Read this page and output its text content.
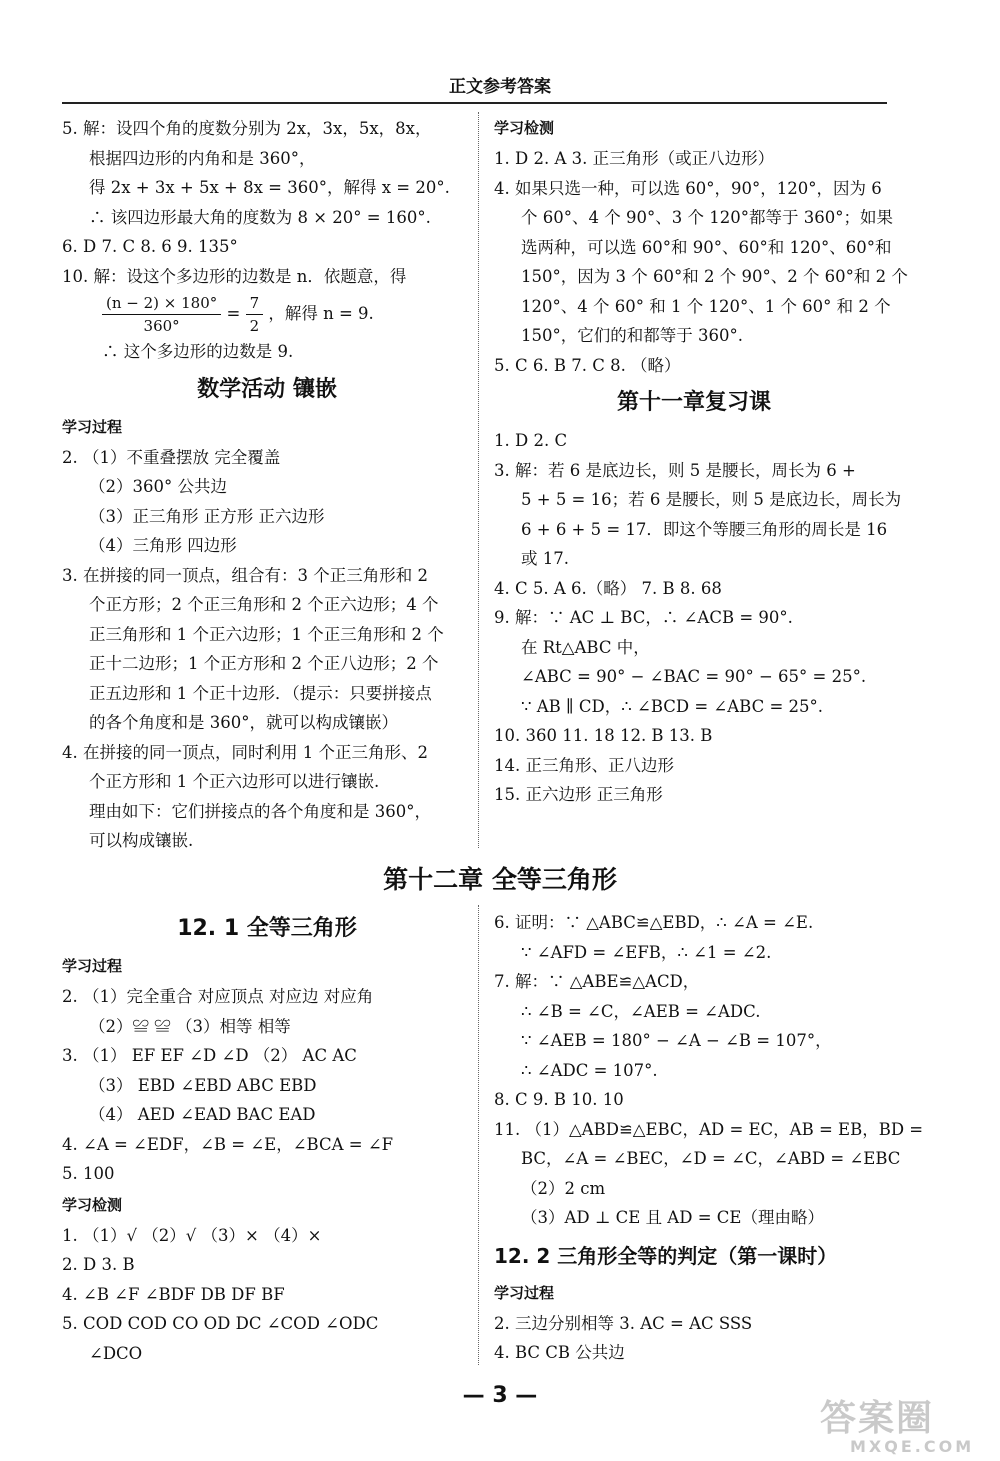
正文参考答案

5. 解：设四个角的度数分别为 2x，3x，5x，8x，

根据四边形的内角和是 360°，

得 2x + 3x + 5x + 8x = 360°，解得 x = 20°.

∴ 该四边形最大角的度数为 8 × 20° = 160°.

6. D 7. C 8. 6 9. 135°

10. 解：设这个多边形的边数是 n．依题意，得

$\frac{(n - 2) \times 180^\circ}{360^\circ} = \frac{7}{2}$ ，解得 n = 9.

∴ 这个多边形的边数是 9.

数学活动 镶嵌
学习过程

2. （1）不重叠摆放 完全覆盖

（2）360° 公共边

（3）正三角形 正方形 正六边形

（4）三角形 四边形

3. 在拼接的同一顶点，组合有：3 个正三角形和 2

个正方形；2 个正三角形和 2 个正六边形；4 个

正三角形和 1 个正六边形；1 个正三角形和 2 个

正十二边形；1 个正方形和 2 个正八边形；2 个

正五边形和 1 个正十边形．（提示：只要拼接点

的各个角度和是 360°，就可以构成镶嵌）

4. 在拼接的同一顶点，同时利用 1 个正三角形、2

个正方形和 1 个正六边形可以进行镶嵌.

理由如下：它们拼接点的各个角度和是 360°，

可以构成镶嵌.

学习检测

1. D 2. A 3. 正三角形（或正八边形）

4. 如果只选一种，可以选 60°，90°，120°，因为 6

个 60°、4 个 90°、3 个 120°都等于 360°；如果

选两种，可以选 60°和 90°、60°和 120°、60°和

150°，因为 3 个 60°和 2 个 90°、2 个 60°和 2 个

120°、4 个 60° 和 1 个 120°、1 个 60° 和 2 个

150°，它们的和都等于 360°.

5. C 6. B 7. C 8. （略）

第十一章复习课

1. D 2. C

3. 解：若 6 是底边长，则 5 是腰长，周长为 6 +

5 + 5 = 16；若 6 是腰长，则 5 是底边长，周长为

6 + 6 + 5 = 17．即这个等腰三角形的周长是 16

或 17.

4. C 5. A 6.（略） 7. B 8. 68

9. 解：∵ AC ⊥ BC，∴ ∠ACB = 90°.

在 Rt△ABC 中，

∠ABC = 90° − ∠BAC = 90° − 65° = 25°.

∵ AB ∥ CD，∴ ∠BCD = ∠ABC = 25°.

10. 360 11. 18 12. B 13. B

14. 正三角形、正八边形

15. 正六边形 正三角形

第十二章 全等三角形
12. 1 全等三角形
学习过程

2. （1）完全重合 对应顶点 对应边 对应角

（2）≌ ≌ （3）相等 相等

3. （1） EF EF ∠D ∠D （2） AC AC

（3） EBD ∠EBD ABC EBD

（4） AED ∠EAD BAC EAD

4. ∠A = ∠EDF，∠B = ∠E，∠BCA = ∠F

5. 100

学习检测

1. （1）√ （2）√ （3）× （4）×

2. D 3. B

4. ∠B ∠F ∠BDF DB DF BF

5. COD COD CO OD DC ∠COD ∠ODC

∠DCO

6. 证明：∵ △ABC≌△EBD，∴ ∠A = ∠E.

∵ ∠AFD = ∠EFB，∴ ∠1 = ∠2.

7. 解：∵ △ABE≌△ACD，

∴ ∠B = ∠C，∠AEB = ∠ADC.

∵ ∠AEB = 180° − ∠A − ∠B = 107°，

∴ ∠ADC = 107°.

8. C 9. B 10. 10

11. （1）△ABD≌△EBC，AD = EC，AB = EB，BD =

BC，∠A = ∠BEC，∠D = ∠C，∠ABD = ∠EBC

（2）2 cm

（3）AD ⊥ CE 且 AD = CE（理由略）

12. 2 三角形全等的判定（第一课时）
学习过程

2. 三边分别相等 3. AC = AC SSS

4. BC CB 公共边

— 3 —
答案圈
MXQE.COM
